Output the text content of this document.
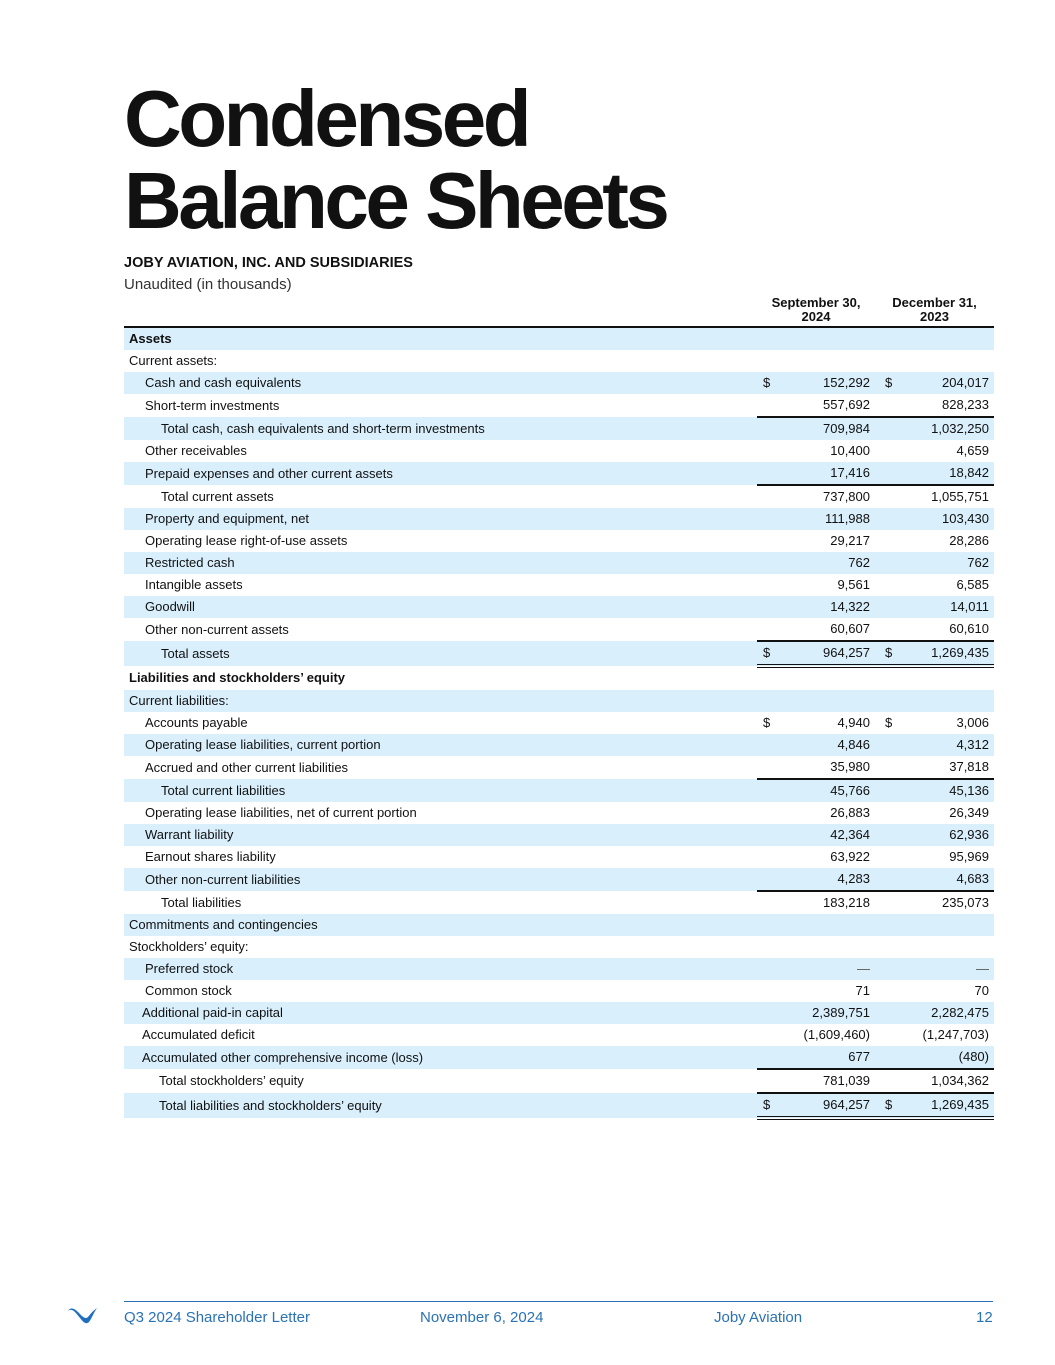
Condensed
Balance Sheets
JOBY AVIATION, INC. AND SUBSIDIARIES
Unaudited (in thousands)

September 30,
2024

December 31,
2023

Assets				
Current assets:				
Cash and cash equivalents	$	152,292	$	204,017
Short-term investments		557,692		828,233
Total cash, cash equivalents and short-term investments		709,984		1,032,250
Other receivables		10,400		4,659
Prepaid expenses and other current assets		17,416		18,842
Total current assets		737,800		1,055,751
Property and equipment, net		111,988		103,430
Operating lease right-of-use assets		29,217		28,286
Restricted cash		762		762
Intangible assets		9,561		6,585
Goodwill		14,322		14,011
Other non-current assets		60,607		60,610
Total assets	$	964,257	$	1,269,435
Liabilities and stockholders’ equity				
Current liabilities:				
Accounts payable	$	4,940	$	3,006
Operating lease liabilities, current portion		4,846		4,312
Accrued and other current liabilities		35,980		37,818
Total current liabilities		45,766		45,136
Operating lease liabilities, net of current portion		26,883		26,349
Warrant liability		42,364		62,936
Earnout shares liability		63,922		95,969
Other non-current liabilities		4,283		4,683
Total liabilities		183,218		235,073
Commitments and contingencies				
Stockholders’ equity:				
Preferred stock		—		—
Common stock		71		70
Additional paid-in capital		2,389,751		2,282,475
Accumulated deficit		(1,609,460)		(1,247,703)
Accumulated other comprehensive income (loss)		677		(480)
Total stockholders’ equity		781,039		1,034,362
Total liabilities and stockholders’ equity	$	964,257	$	1,269,435
Q3 2024 Shareholder Letter	November 6, 2024	Joby Aviation	12
